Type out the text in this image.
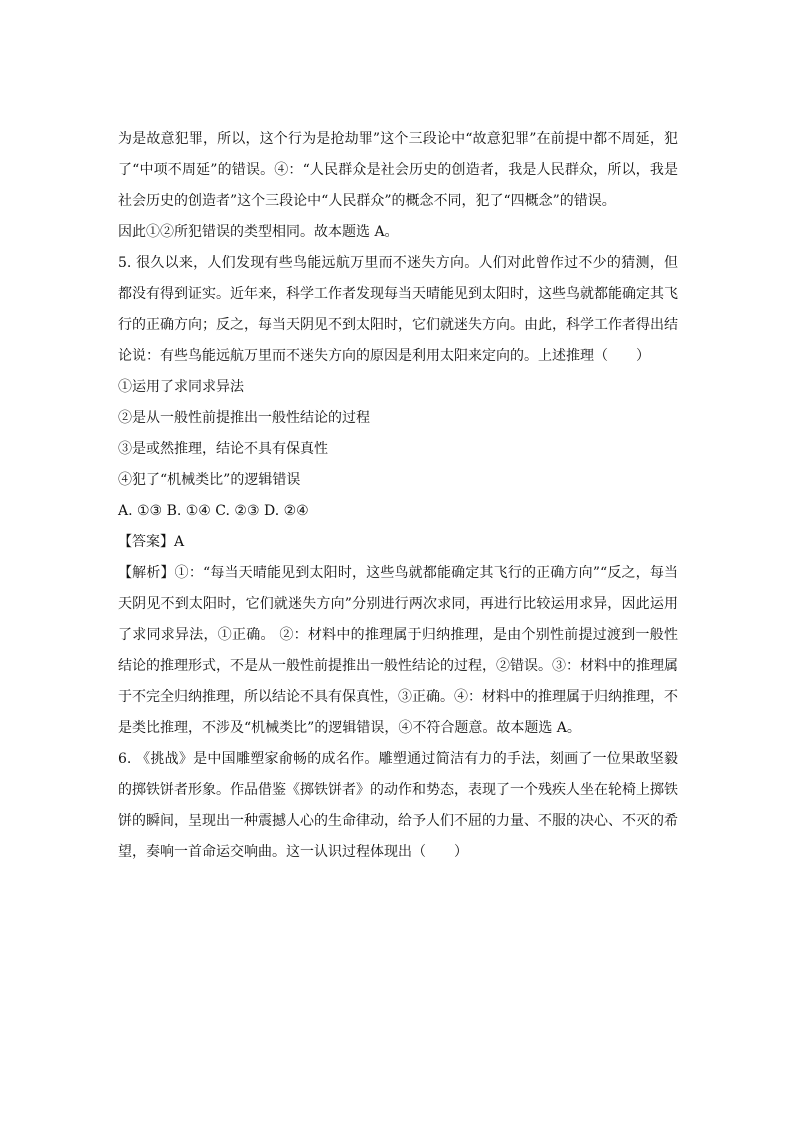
为是故意犯罪，所以，这个行为是抢劫罪”这个三段论中“故意犯罪”在前提中都不周延，犯了“中项不周延”的错误。④：“人民群众是社会历史的创造者，我是人民群众，所以，我是社会历史的创造者”这个三段论中“人民群众”的概念不同，犯了“四概念”的错误。

因此①②所犯错误的类型相同。故本题选 A。

5. 很久以来，人们发现有些鸟能远航万里而不迷失方向。人们对此曾作过不少的猜测，但都没有得到证实。近年来，科学工作者发现每当天晴能见到太阳时，这些鸟就都能确定其飞行的正确方向；反之，每当天阴见不到太阳时，它们就迷失方向。由此，科学工作者得出结论说：有些鸟能远航万里而不迷失方向的原因是利用太阳来定向的。上述推理（　　）

①运用了求同求异法

②是从一般性前提推出一般性结论的过程

③是或然推理，结论不具有保真性

④犯了“机械类比”的逻辑错误

A. ①③ B. ①④ C. ②③ D. ②④

【答案】A

【解析】①：“每当天晴能见到太阳时，这些鸟就都能确定其飞行的正确方向”“反之，每当天阴见不到太阳时，它们就迷失方向”分别进行两次求同，再进行比较运用求异，因此运用了求同求异法，①正确。 ②：材料中的推理属于归纳推理，是由个别性前提过渡到一般性结论的推理形式，不是从一般性前提推出一般性结论的过程，②错误。③：材料中的推理属于不完全归纳推理，所以结论不具有保真性，③正确。④：材料中的推理属于归纳推理，不是类比推理，不涉及“机械类比”的逻辑错误，④不符合题意。故本题选 A。

6. 《挑战》是中国雕塑家俞畅的成名作。雕塑通过简洁有力的手法，刻画了一位果敢坚毅的掷铁饼者形象。作品借鉴《掷铁饼者》的动作和势态，表现了一个残疾人坐在轮椅上掷铁饼的瞬间，呈现出一种震撼人心的生命律动，给予人们不屈的力量、不服的决心、不灭的希望，奏响一首命运交响曲。这一认识过程体现出（　　）
